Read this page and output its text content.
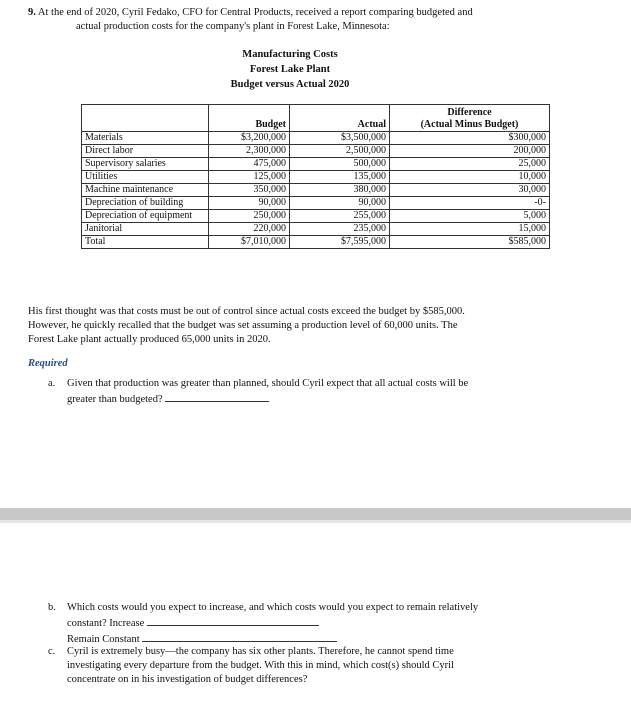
9. At the end of 2020, Cyril Fedako, CFO for Central Products, received a report comparing budgeted and
actual production costs for the company's plant in Forest Lake, Minnesota:
Manufacturing Costs
Forest Lake Plant
Budget versus Actual 2020
	Budget	Actual	Difference
(Actual Minus Budget)

Materials	$3,200,000	$3,500,000	$300,000
Direct labor	2,300,000	2,500,000	200,000
Supervisory salaries	475,000	500,000	25,000
Utilities	125,000	135,000	10,000
Machine maintenance	350,000	380,000	30,000
Depreciation of building	90,000	90,000	-0-
Depreciation of equipment	250,000	255,000	5,000
Janitorial	220,000	235,000	15,000
Total	$7,010,000	$7,595,000	$585,000
His first thought was that costs must be out of control since actual costs exceed the budget by $585,000.
However, he quickly recalled that the budget was set assuming a production level of 60,000 units. The
Forest Lake plant actually produced 65,000 units in 2020.
Required
a. Given that production was greater than planned, should Cyril expect that all actual costs will be
greater than budgeted?
b. Which costs would you expect to increase, and which costs would you expect to remain relatively
constant? Increase
Remain Constant
c. Cyril is extremely busy—the company has six other plants. Therefore, he cannot spend time
investigating every departure from the budget. With this in mind, which cost(s) should Cyril
concentrate on in his investigation of budget differences?
